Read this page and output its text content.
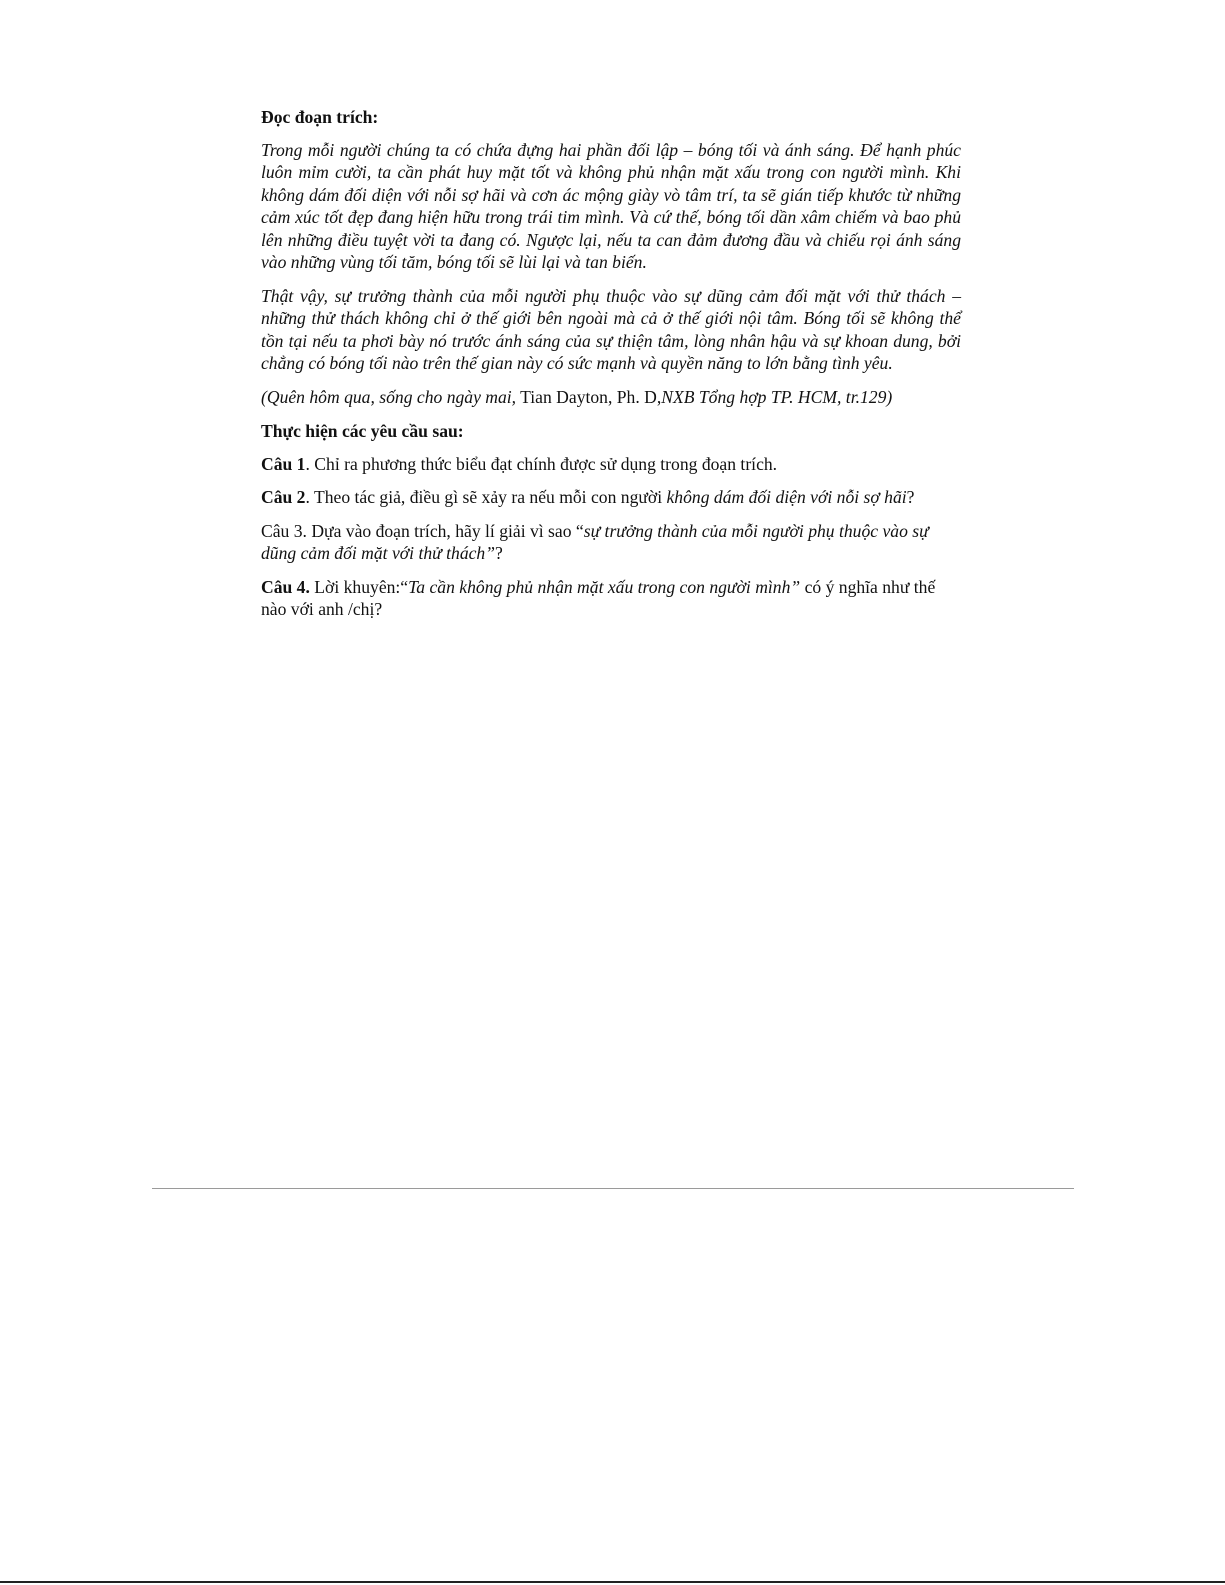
Đọc đoạn trích:

Trong mỗi người chúng ta có chứa đựng hai phần đối lập – bóng tối và ánh sáng. Để hạnh phúc luôn mỉm cười, ta cần phát huy mặt tốt và không phủ nhận mặt xấu trong con người mình. Khi không dám đối diện với nỗi sợ hãi và cơn ác mộng giày vò tâm trí, ta sẽ gián tiếp khước từ những cảm xúc tốt đẹp đang hiện hữu trong trái tim mình. Và cứ thế, bóng tối dần xâm chiếm và bao phủ lên những điều tuyệt vời ta đang có. Ngược lại, nếu ta can đảm đương đầu và chiếu rọi ánh sáng vào những vùng tối tăm, bóng tối sẽ lùi lại và tan biến.

Thật vậy, sự trưởng thành của mỗi người phụ thuộc vào sự dũng cảm đối mặt với thử thách – những thử thách không chỉ ở thế giới bên ngoài mà cả ở thế giới nội tâm. Bóng tối sẽ không thể tồn tại nếu ta phơi bày nó trước ánh sáng của sự thiện tâm, lòng nhân hậu và sự khoan dung, bởi chẳng có bóng tối nào trên thế gian này có sức mạnh và quyền năng to lớn bằng tình yêu.

(Quên hôm qua, sống cho ngày mai, Tian Dayton, Ph. D,NXB Tổng hợp TP. HCM, tr.129)

Thực hiện các yêu cầu sau:

Câu 1. Chỉ ra phương thức biểu đạt chính được sử dụng trong đoạn trích.

Câu 2. Theo tác giả, điều gì sẽ xảy ra nếu mỗi con người không dám đối diện với nỗi sợ hãi?

Câu 3. Dựa vào đoạn trích, hãy lí giải vì sao “sự trưởng thành của mỗi người phụ thuộc vào sự dũng cảm đối mặt với thử thách”?

Câu 4. Lời khuyên:“Ta cần không phủ nhận mặt xấu trong con người mình” có ý nghĩa như thế nào với anh /chị?
